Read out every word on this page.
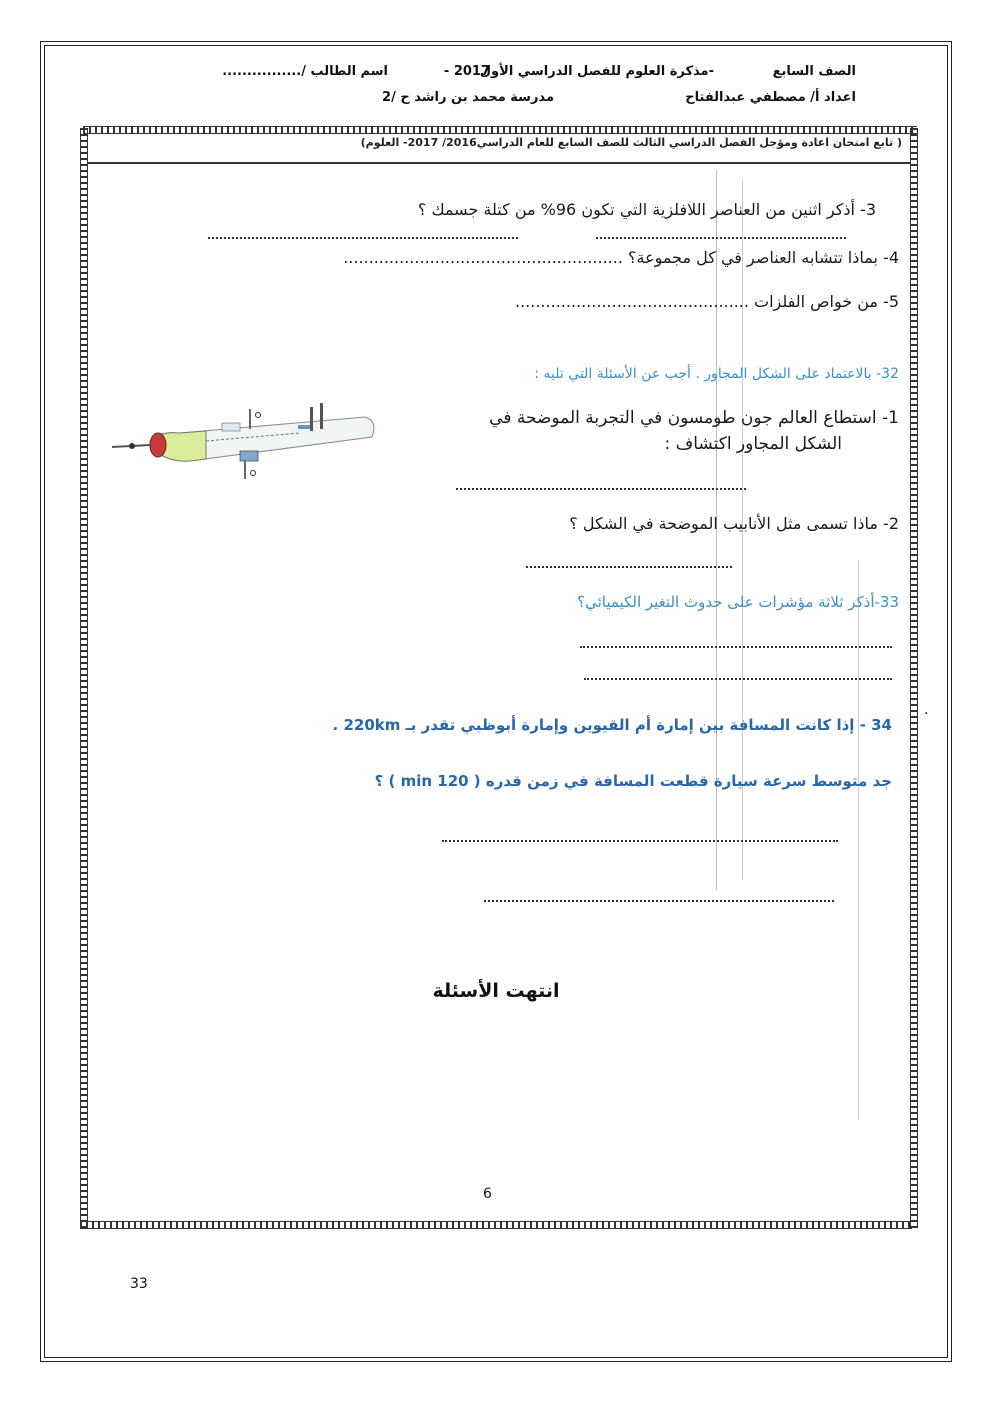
الصف السابع
-مذكرة العلوم للفصل الدراسي الأول
2017 -
اسم الطالب /................
اعداد أ/ مصطفي عبدالفتاح
مدرسة محمد بن راشد ح /2
( تابع امتحان اعادة ومؤجل الفصل الدراسي الثالث للصف السابع للعام الدراسي2016/ 2017- العلوم)
3- أذكر اثنين من العناصر اللافلزية التي تكون 96% من كتلة جسمك ؟
4- بماذا تتشابه العناصر في كل مجموعة؟ .......................................................
5- من خواص الفلزات ..............................................
32- بالاعتماد على الشكل المجاور . أجب عن الأسئلة التي تليه :
1- استطاع العالم جون طومسون في التجربة الموضحة في
الشكل المجاور اكتشاف :
2- ماذا تسمى مثل الأنابيب الموضحة في الشكل ؟
33-أذكر ثلاثة مؤشرات على حدوث التغير الكيميائي؟
34 - إذا كانت المسافة بين إمارة أم القيوين وإمارة أبوظبي تقدر بـ 220km .
جد متوسط سرعة سيارة قطعت المسافة في زمن قدره ( 120 min ) ؟
.
انتهت الأسئلة
6
33
